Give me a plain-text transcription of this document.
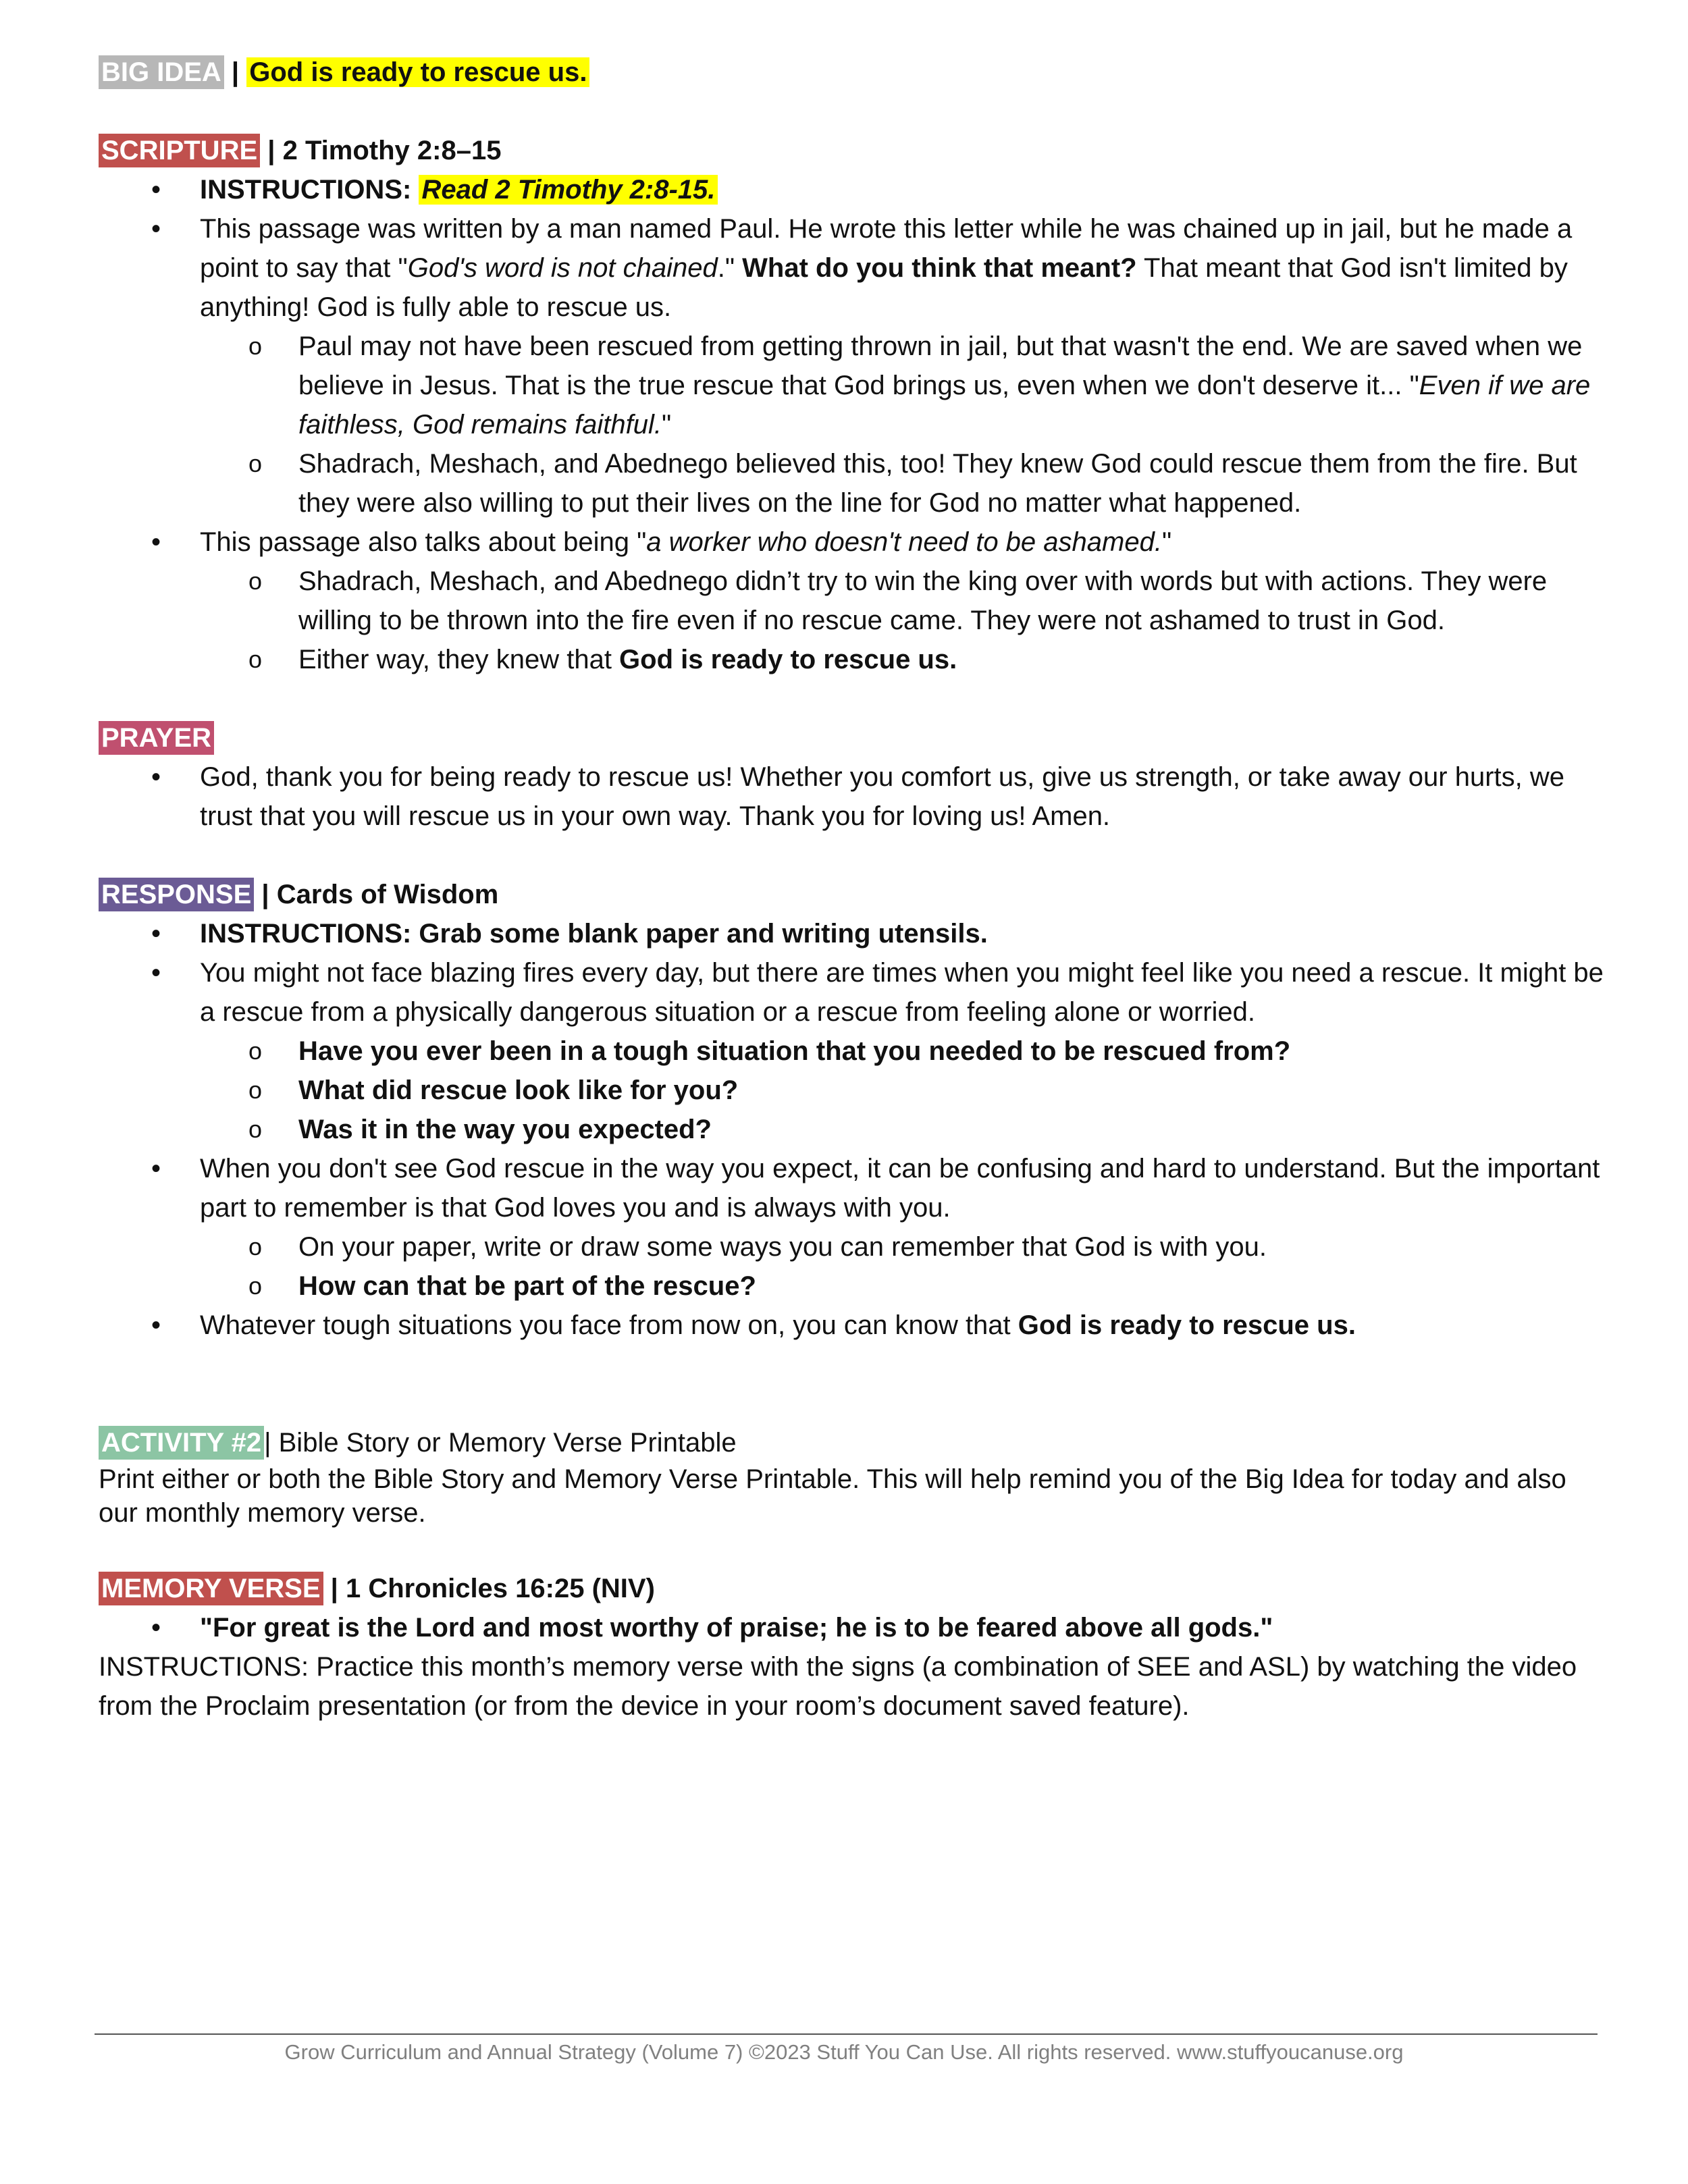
BIG IDEA | God is ready to rescue us.

SCRIPTURE | 2 Timothy 2:8–15

• INSTRUCTIONS: Read 2 Timothy 2:8-15.
• This passage was written by a man named Paul. He wrote this letter while he was chained up in jail, but he made a point to say that "God's word is not chained." What do you think that meant? That meant that God isn't limited by anything! God is fully able to rescue us.
o Paul may not have been rescued from getting thrown in jail, but that wasn't the end. We are saved when we believe in Jesus. That is the true rescue that God brings us, even when we don't deserve it... "Even if we are faithless, God remains faithful."
o Shadrach, Meshach, and Abednego believed this, too! They knew God could rescue them from the fire. But they were also willing to put their lives on the line for God no matter what happened.
• This passage also talks about being "a worker who doesn't need to be ashamed."
o Shadrach, Meshach, and Abednego didn’t try to win the king over with words but with actions. They were willing to be thrown into the fire even if no rescue came. They were not ashamed to trust in God.
o Either way, they knew that God is ready to rescue us.

PRAYER

• God, thank you for being ready to rescue us! Whether you comfort us, give us strength, or take away our hurts, we trust that you will rescue us in your own way. Thank you for loving us! Amen.

RESPONSE | Cards of Wisdom

• INSTRUCTIONS: Grab some blank paper and writing utensils.
• You might not face blazing fires every day, but there are times when you might feel like you need a rescue. It might be a rescue from a physically dangerous situation or a rescue from feeling alone or worried.
o Have you ever been in a tough situation that you needed to be rescued from?
o What did rescue look like for you?
o Was it in the way you expected?
• When you don't see God rescue in the way you expect, it can be confusing and hard to understand. But the important part to remember is that God loves you and is always with you.
o On your paper, write or draw some ways you can remember that God is with you.
o How can that be part of the rescue?
• Whatever tough situations you face from now on, you can know that God is ready to rescue us.

ACTIVITY #2 | Bible Story or Memory Verse Printable

Print either or both the Bible Story and Memory Verse Printable. This will help remind you of the Big Idea for today and also our monthly memory verse.

MEMORY VERSE | 1 Chronicles 16:25 (NIV)

• "For great is the Lord and most worthy of praise; he is to be feared above all gods."

INSTRUCTIONS: Practice this month’s memory verse with the signs (a combination of SEE and ASL) by watching the video from the Proclaim presentation (or from the device in your room’s document saved feature).

Grow Curriculum and Annual Strategy (Volume 7) ©2023 Stuff You Can Use. All rights reserved. www.stuffyoucanuse.org
